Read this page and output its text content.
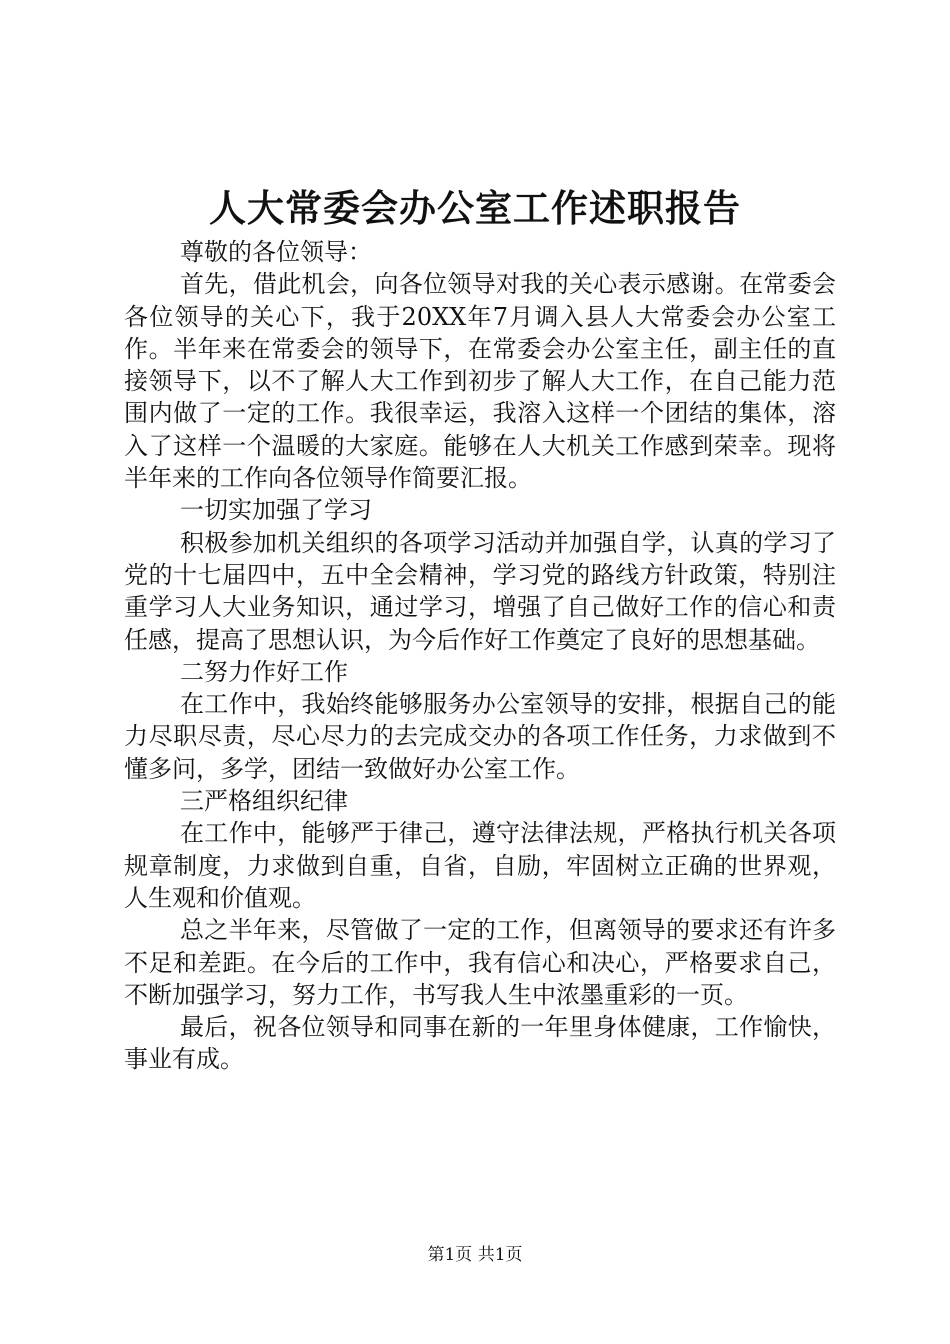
人大常委会办公室工作述职报告

尊敬的各位领导：

首先，借此机会，向各位领导对我的关心表示感谢。在常委会各位领导的关心下，我于20XX年7月调入县人大常委会办公室工作。半年来在常委会的领导下，在常委会办公室主任，副主任的直接领导下，以不了解人大工作到初步了解人大工作，在自己能力范围内做了一定的工作。我很幸运，我溶入这样一个团结的集体，溶入了这样一个温暖的大家庭。能够在人大机关工作感到荣幸。现将半年来的工作向各位领导作简要汇报。

一切实加强了学习

积极参加机关组织的各项学习活动并加强自学，认真的学习了党的十七届四中，五中全会精神，学习党的路线方针政策，特别注重学习人大业务知识，通过学习，增强了自己做好工作的信心和责任感，提高了思想认识，为今后作好工作奠定了良好的思想基础。

二努力作好工作

在工作中，我始终能够服务办公室领导的安排，根据自己的能力尽职尽责，尽心尽力的去完成交办的各项工作任务，力求做到不懂多问，多学，团结一致做好办公室工作。

三严格组织纪律

在工作中，能够严于律己，遵守法律法规，严格执行机关各项规章制度，力求做到自重，自省，自励，牢固树立正确的世界观，人生观和价值观。

总之半年来，尽管做了一定的工作，但离领导的要求还有许多不足和差距。在今后的工作中，我有信心和决心，严格要求自己，不断加强学习，努力工作，书写我人生中浓墨重彩的一页。

最后，祝各位领导和同事在新的一年里身体健康，工作愉快，事业有成。

第1页 共1页
